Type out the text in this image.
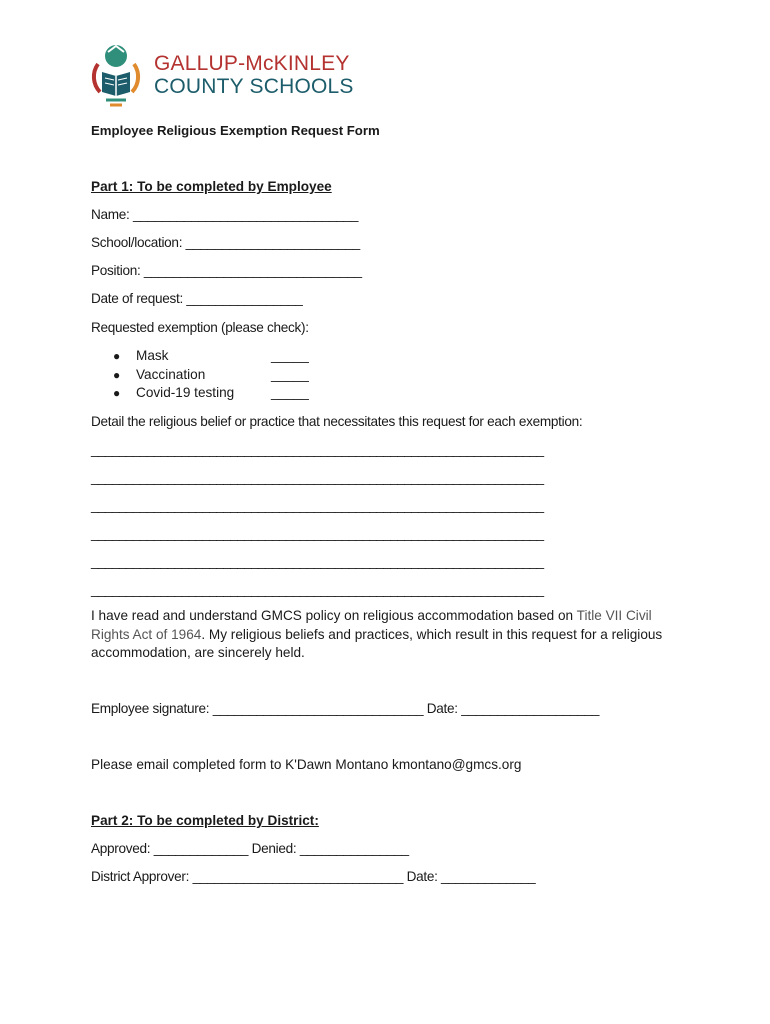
GALLUP-McKINLEY
COUNTY SCHOOLS
Employee Religious Exemption Request Form
Part 1: To be completed by Employee
Name: _______________________________
School/location: ________________________
Position: ______________________________
Date of request: ________________
Requested exemption (please check):
● Mask	_____
● Vaccination	_____
● Covid-19 testing	_____
Detail the religious belief or practice that necessitates this request for each exemption:
_________________________________________________________________
_________________________________________________________________
_________________________________________________________________
_________________________________________________________________
_________________________________________________________________
_________________________________________________________________
I have read and understand GMCS policy on religious accommodation based on Title VII Civil
Rights Act of 1964. My religious beliefs and practices, which result in this request for a religious
accommodation, are sincerely held.
Employee signature: _____________________________ Date: ___________________
Please email completed form to K'Dawn Montano kmontano@gmcs.org
Part 2: To be completed by District:
Approved: _____________ Denied: _______________
District Approver: _____________________________ Date: _____________
